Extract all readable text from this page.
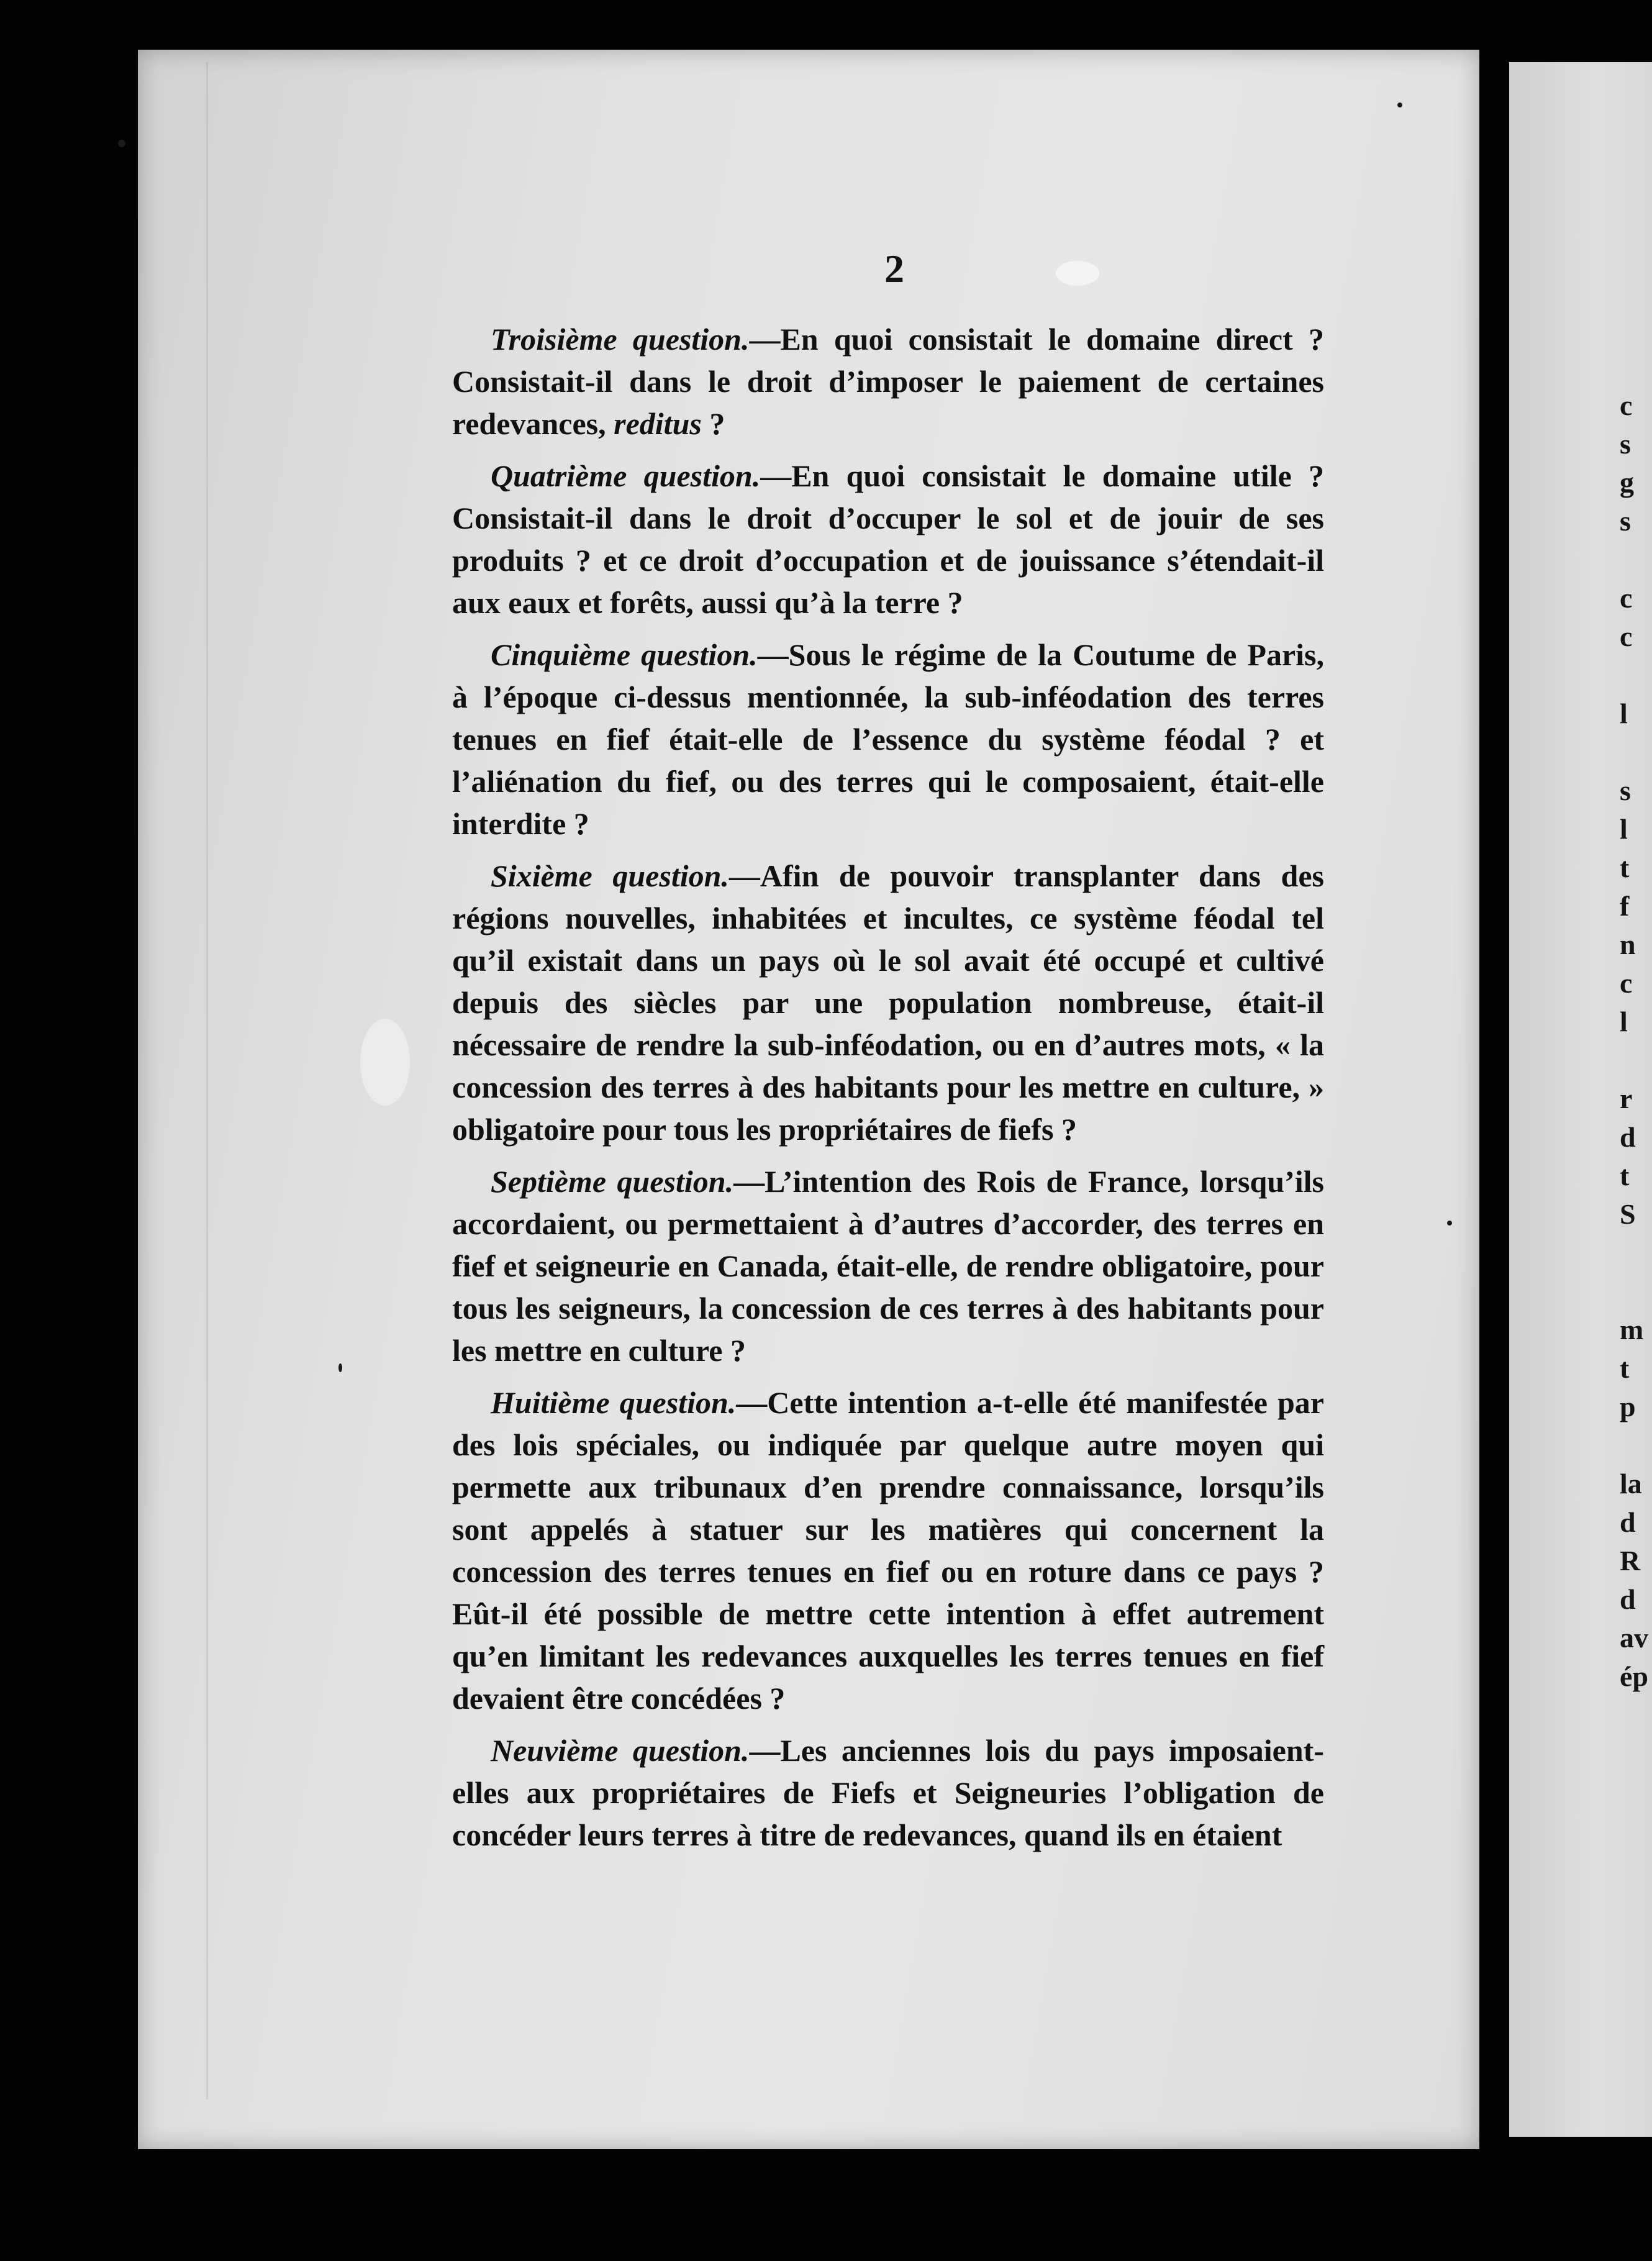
c
s
g
s

c
c

l

s
l
t
f
n
c
l

r
d
t
S

m
t
p

la
d
R
d
av
ép
2

Troisième question.—En quoi consistait le domaine direct ? Consistait-il dans le droit d’imposer le paiement de certaines redevances, reditus ?

Quatrième question.—En quoi consistait le domaine utile ? Consistait-il dans le droit d’occuper le sol et de jouir de ses produits ? et ce droit d’occupation et de jouissance s’étendait-il aux eaux et forêts, aussi qu’à la terre ?

Cinquième question.—Sous le régime de la Coutume de Paris, à l’époque ci-dessus mentionnée, la sub-inféodation des terres tenues en fief était-elle de l’essence du système féodal ? et l’aliénation du fief, ou des terres qui le composaient, était-elle interdite ?

Sixième question.—Afin de pouvoir transplanter dans des régions nouvelles, inhabitées et incultes, ce système féodal tel qu’il existait dans un pays où le sol avait été occupé et cultivé depuis des siècles par une population nombreuse, était-il nécessaire de rendre la sub-inféodation, ou en d’autres mots, « la concession des terres à des habitants pour les mettre en culture, » obligatoire pour tous les propriétaires de fiefs ?

Septième question.—L’intention des Rois de France, lorsqu’ils accordaient, ou permettaient à d’autres d’accorder, des terres en fief et seigneurie en Canada, était-elle, de rendre obligatoire, pour tous les seigneurs, la concession de ces terres à des habitants pour les mettre en culture ?

Huitième question.—Cette intention a-t-elle été manifestée par des lois spéciales, ou indiquée par quelque autre moyen qui permette aux tribunaux d’en prendre connaissance, lorsqu’ils sont appelés à statuer sur les matières qui concernent la concession des terres tenues en fief ou en roture dans ce pays ? Eût-il été possible de mettre cette intention à effet autrement qu’en limitant les redevances auxquelles les terres tenues en fief devaient être concédées ?

Neuvième question.—Les anciennes lois du pays imposaient-elles aux propriétaires de Fiefs et Seigneuries l’obligation de concéder leurs terres à titre de redevances, quand ils en étaient
